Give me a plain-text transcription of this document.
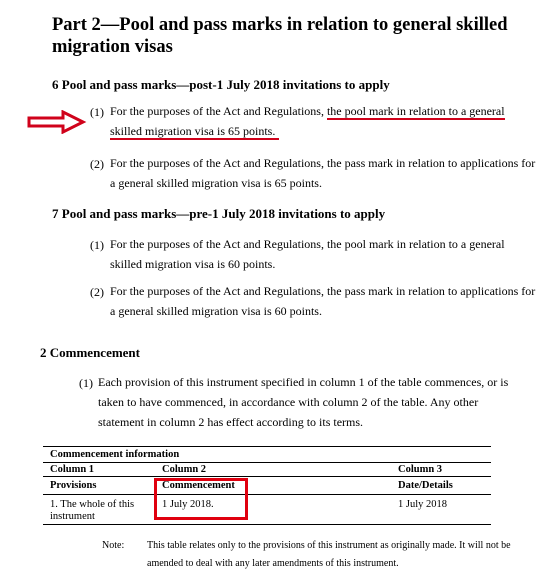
Part 2—Pool and pass marks in relation to general skilled
migration visas
6 Pool and pass marks—post-1 July 2018 invitations to apply
(1) For the purposes of the Act and Regulations, the pool mark in relation to a general
skilled migration visa is 65 points.
(2) For the purposes of the Act and Regulations, the pass mark in relation to applications for
a general skilled migration visa is 65 points.
7 Pool and pass marks—pre-1 July 2018 invitations to apply
(1) For the purposes of the Act and Regulations, the pool mark in relation to a general
skilled migration visa is 60 points.
(2) For the purposes of the Act and Regulations, the pass mark in relation to applications for
a general skilled migration visa is 60 points.
2 Commencement
(1) Each provision of this instrument specified in column 1 of the table commences, or is
taken to have commenced, in accordance with column 2 of the table. Any other
statement in column 2 has effect according to its terms.
Commencement information		
Column 1	Column 2	Column 3
Provisions	Commencement	Date/Details
1. The whole of this instrument	1 July 2018.	1 July 2018
Note: This table relates only to the provisions of this instrument as originally made. It will not be
amended to deal with any later amendments of this instrument.
